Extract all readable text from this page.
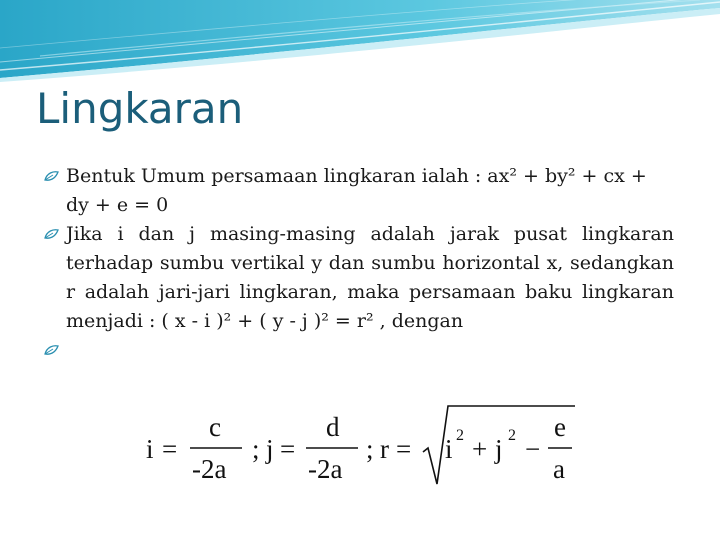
Lingkaran
Bentuk Umum persamaan lingkaran ialah : ax² + by² + cx + dy + e = 0
Jika i dan j masing-masing adalah jarak pusat lingkaran terhadap sumbu vertikal y dan sumbu horizontal x, sedangkan r adalah jari-jari lingkaran, maka persamaan baku lingkaran menjadi : ( x - i )² + ( y - j )² = r² , dengan
i =
c
-2a
; j =
d
-2a
; r = i 2 + j 2 −
e
a
